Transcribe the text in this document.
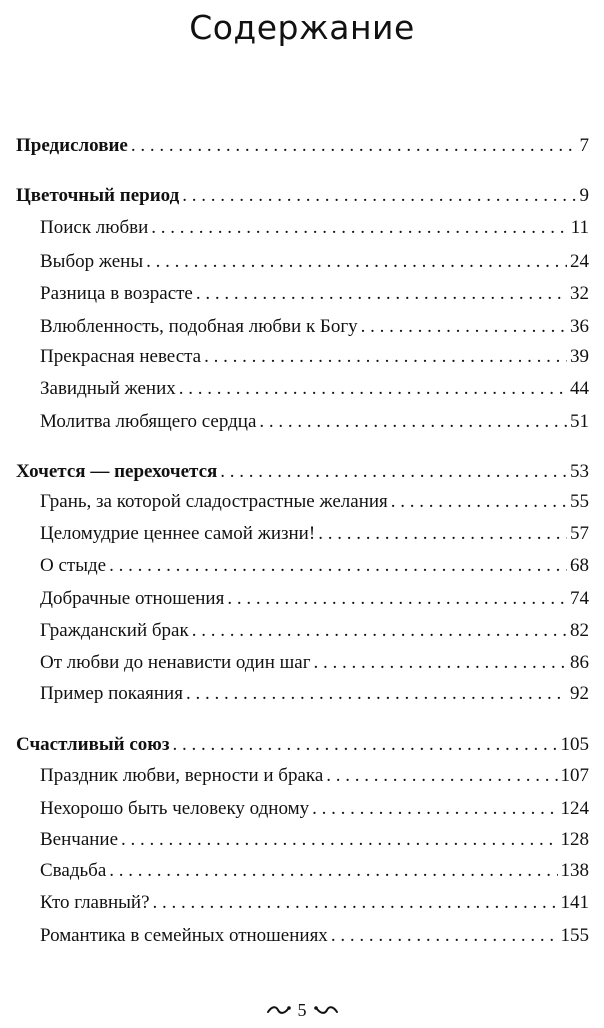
Содержание
Предисловие . . .	7
Цветочный период . . .	9
Поиск любви . . .	11
Выбор жены . . .	24
Разница в возрасте . . .	32
Влюбленность, подобная любви к Богу . . .	36
Прекрасная невеста . . .	39
Завидный жених . . .	44
Молитва любящего сердца . . .	51
Хочется — перехочется . . .	53
Грань, за которой сладострастные желания . . .	55
Целомудрие ценнее самой жизни! . . .	57
О стыде . . .	68
Добрачные отношения . . .	74
Гражданский брак . . .	82
От любви до ненависти один шаг . . .	86
Пример покаяния . . .	92
Счастливый союз . . .	105
Праздник любви, верности и брака . . .	107
Нехорошо быть человеку одному . . .	124
Венчание . . .	128
Свадьба . . .	138
Кто главный? . . .	141
Романтика в семейных отношениях . . .	155
5
